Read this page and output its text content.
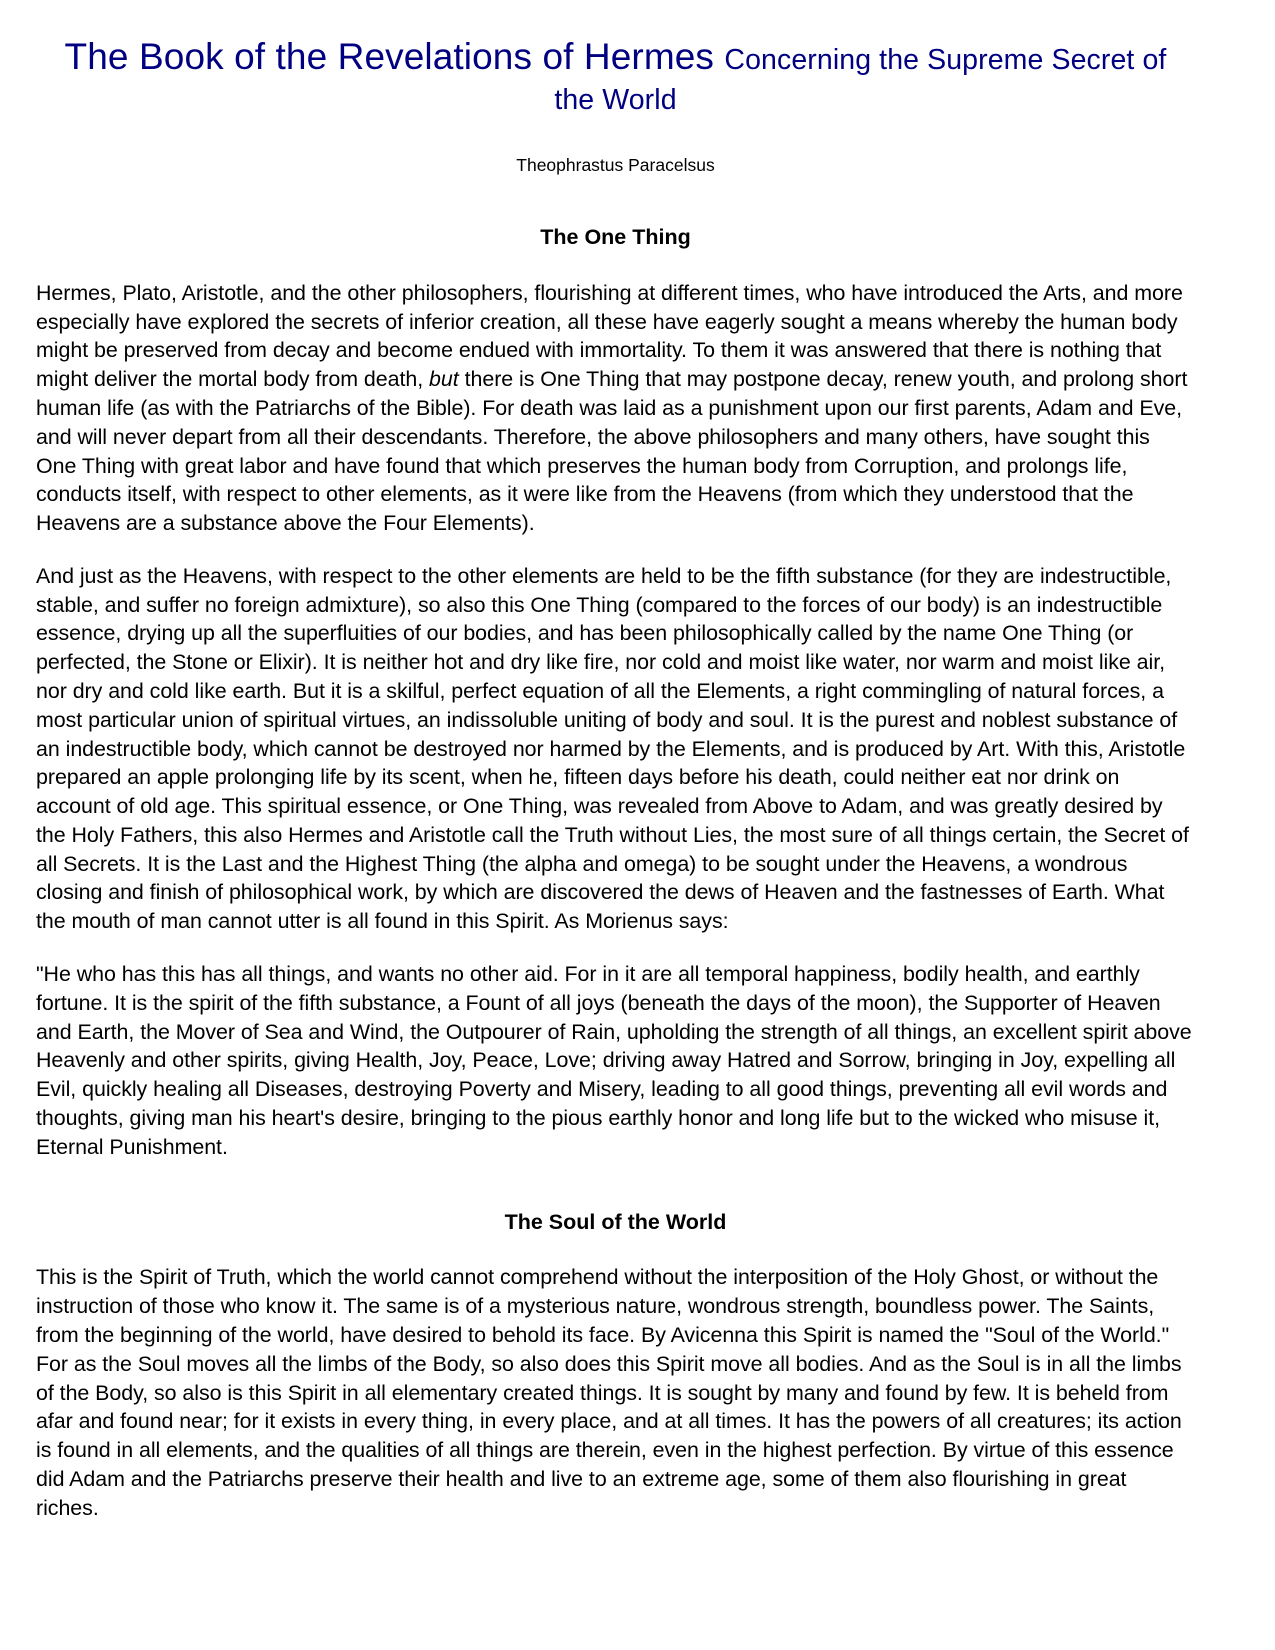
The Book of the Revelations of Hermes Concerning the Supreme Secret of the World
Theophrastus Paracelsus
The One Thing

Hermes, Plato, Aristotle, and the other philosophers, flourishing at different times, who have introduced the Arts, and more especially have explored the secrets of inferior creation, all these have eagerly sought a means whereby the human body might be preserved from decay and become endued with immortality. To them it was answered that there is nothing that might deliver the mortal body from death, but there is One Thing that may postpone decay, renew youth, and prolong short human life (as with the Patriarchs of the Bible). For death was laid as a punishment upon our first parents, Adam and Eve, and will never depart from all their descendants. Therefore, the above philosophers and many others, have sought this One Thing with great labor and have found that which preserves the human body from Corruption, and prolongs life, conducts itself, with respect to other elements, as it were like from the Heavens (from which they understood that the Heavens are a substance above the Four Elements).

And just as the Heavens, with respect to the other elements are held to be the fifth substance (for they are indestructible, stable, and suffer no foreign admixture), so also this One Thing (compared to the forces of our body) is an indestructible essence, drying up all the superfluities of our bodies, and has been philosophically called by the name One Thing (or perfected, the Stone or Elixir). It is neither hot and dry like fire, nor cold and moist like water, nor warm and moist like air, nor dry and cold like earth. But it is a skilful, perfect equation of all the Elements, a right commingling of natural forces, a most particular union of spiritual virtues, an indissoluble uniting of body and soul. It is the purest and noblest substance of an indestructible body, which cannot be destroyed nor harmed by the Elements, and is produced by Art. With this, Aristotle prepared an apple prolonging life by its scent, when he, fifteen days before his death, could neither eat nor drink on account of old age. This spiritual essence, or One Thing, was revealed from Above to Adam, and was greatly desired by the Holy Fathers, this also Hermes and Aristotle call the Truth without Lies, the most sure of all things certain, the Secret of all Secrets. It is the Last and the Highest Thing (the alpha and omega) to be sought under the Heavens, a wondrous closing and finish of philosophical work, by which are discovered the dews of Heaven and the fastnesses of Earth. What the mouth of man cannot utter is all found in this Spirit. As Morienus says:

"He who has this has all things, and wants no other aid. For in it are all temporal happiness, bodily health, and earthly fortune. It is the spirit of the fifth substance, a Fount of all joys (beneath the days of the moon), the Supporter of Heaven and Earth, the Mover of Sea and Wind, the Outpourer of Rain, upholding the strength of all things, an excellent spirit above Heavenly and other spirits, giving Health, Joy, Peace, Love; driving away Hatred and Sorrow, bringing in Joy, expelling all Evil, quickly healing all Diseases, destroying Poverty and Misery, leading to all good things, preventing all evil words and thoughts, giving man his heart's desire, bringing to the pious earthly honor and long life but to the wicked who misuse it, Eternal Punishment.

The Soul of the World

This is the Spirit of Truth, which the world cannot comprehend without the interposition of the Holy Ghost, or without the instruction of those who know it. The same is of a mysterious nature, wondrous strength, boundless power. The Saints, from the beginning of the world, have desired to behold its face. By Avicenna this Spirit is named the "Soul of the World." For as the Soul moves all the limbs of the Body, so also does this Spirit move all bodies. And as the Soul is in all the limbs of the Body, so also is this Spirit in all elementary created things. It is sought by many and found by few. It is beheld from afar and found near; for it exists in every thing, in every place, and at all times. It has the powers of all creatures; its action is found in all elements, and the qualities of all things are therein, even in the highest perfection. By virtue of this essence did Adam and the Patriarchs preserve their health and live to an extreme age, some of them also flourishing in great riches.
